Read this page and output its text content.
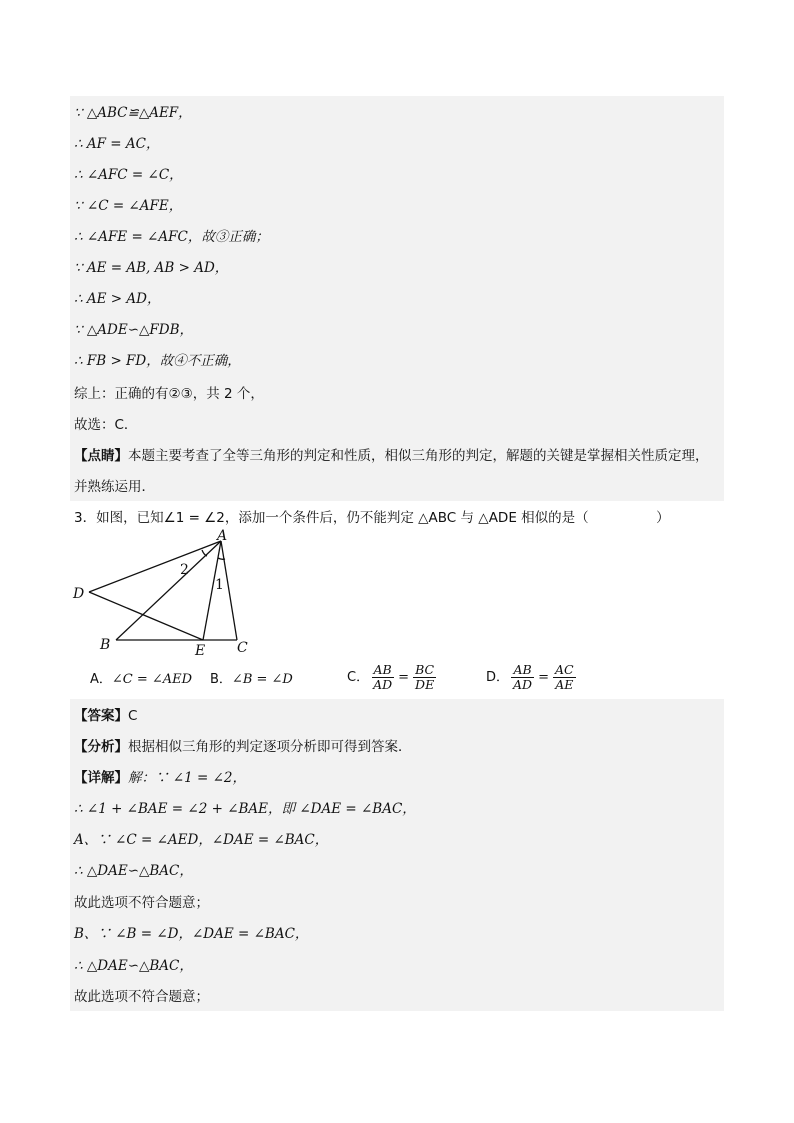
∵ △ABC≌△AEF，
∴ AF = AC，
∴ ∠AFC = ∠C，
∵ ∠C = ∠AFE，
∴ ∠AFE = ∠AFC，故③正确；
∵ AE = AB, AB > AD，
∴ AE > AD，
∵ △ADE∽△FDB，
∴ FB > FD，故④不正确，
综上：正确的有②③，共 2 个，
故选：C．
【点睛】本题主要考查了全等三角形的判定和性质，相似三角形的判定，解题的关键是掌握相关性质定理，
并熟练运用．
3．如图，已知∠1 = ∠2，添加一个条件后，仍不能判定 △ABC 与 △ADE 相似的是（　　　　　）
A
B	C
D
E
2
1
A． ∠C = ∠AED B． ∠B = ∠D	C． $\frac{AB}{AD} = \frac{BC}{DE}$	D． $\frac{AB}{AD} = \frac{AC}{AE}$
【答案】C
【分析】根据相似三角形的判定逐项分析即可得到答案．
【详解】解：∵ ∠1 = ∠2，
∴ ∠1 + ∠BAE = ∠2 + ∠BAE，即 ∠DAE = ∠BAC，
A、∵ ∠C = ∠AED，∠DAE = ∠BAC，
∴ △DAE∽△BAC，
故此选项不符合题意；
B、∵ ∠B = ∠D，∠DAE = ∠BAC，
∴ △DAE∽△BAC，
故此选项不符合题意；
